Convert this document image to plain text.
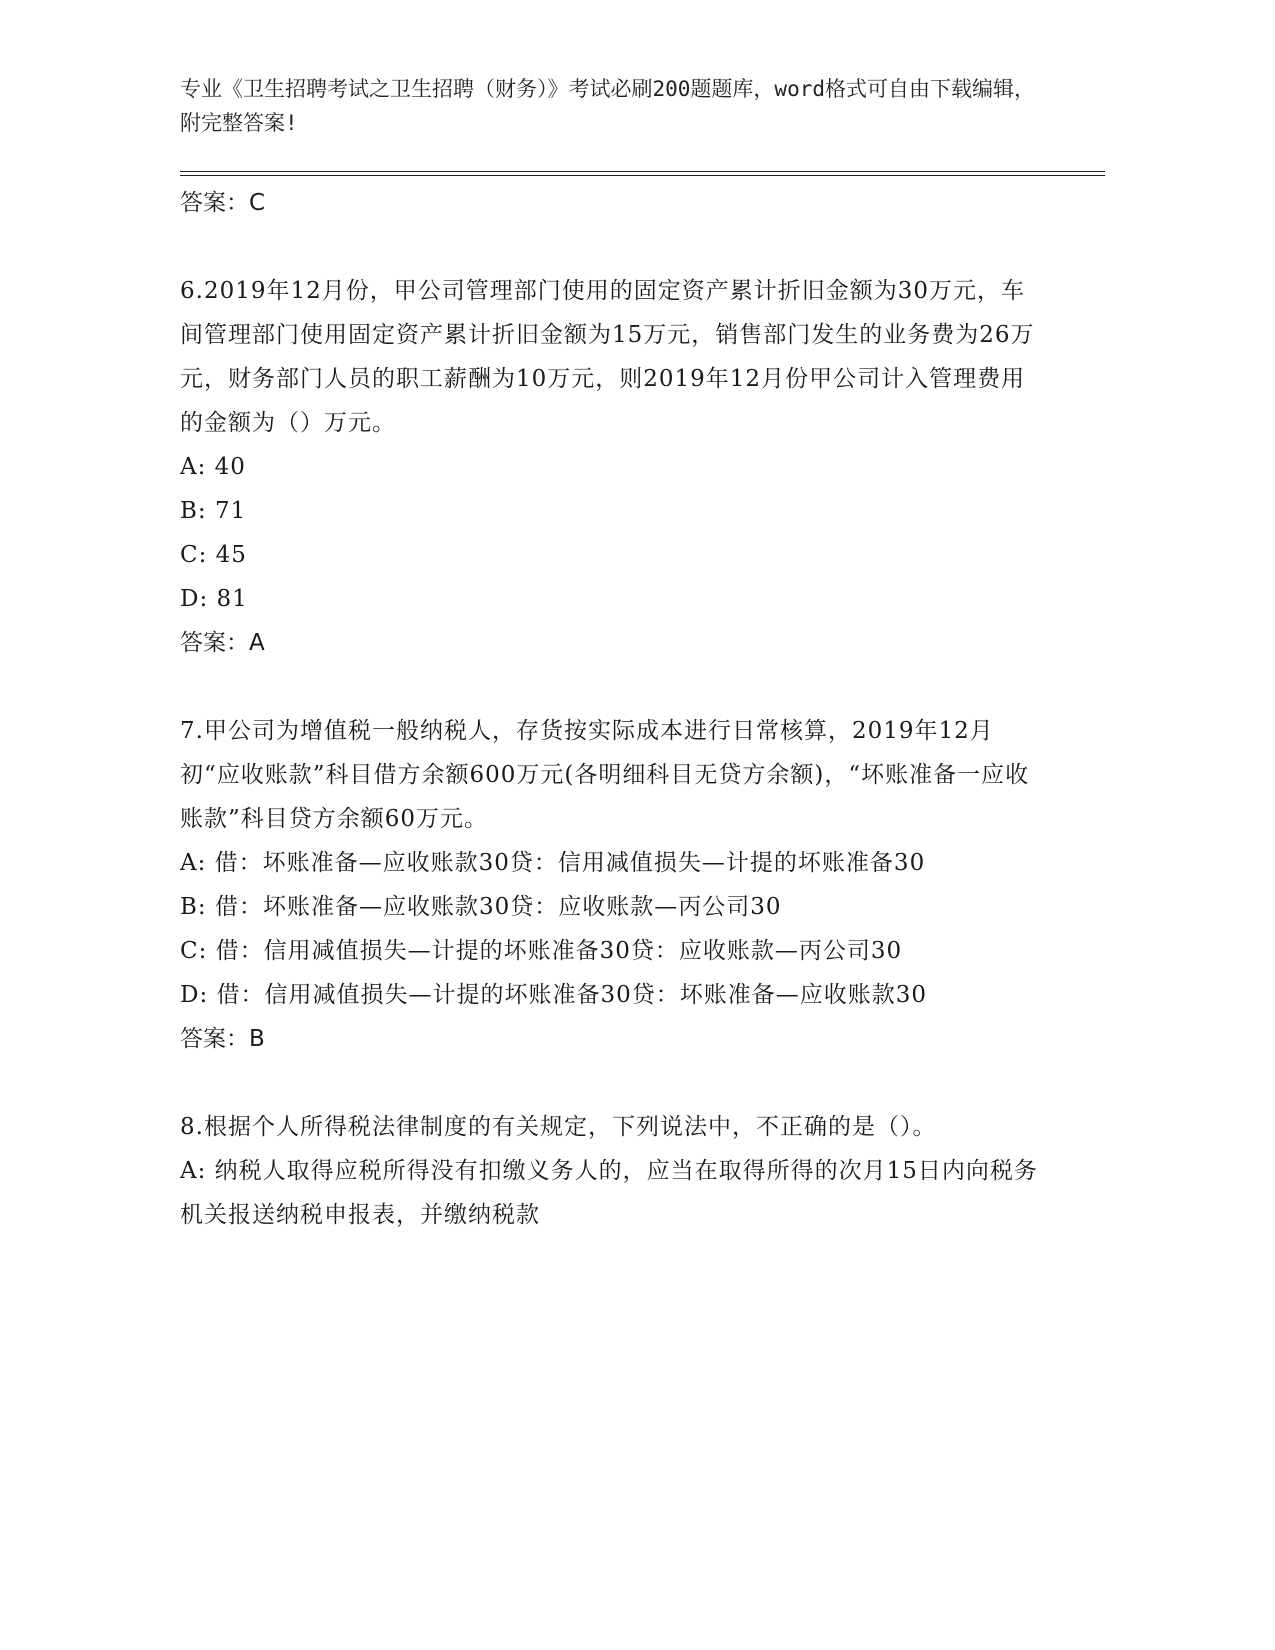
专业《卫生招聘考试之卫生招聘（财务）》考试必刷200题题库，word格式可自由下载编辑，附完整答案!

答案：C

6.2019年12月份，甲公司管理部门使用的固定资产累计折旧金额为30万元，车间管理部门使用固定资产累计折旧金额为15万元，销售部门发生的业务费为26万元，财务部门人员的职工薪酬为10万元，则2019年12月份甲公司计入管理费用的金额为（）万元。

A: 40

B: 71

C: 45

D: 81

答案：A

7.甲公司为增值税一般纳税人，存货按实际成本进行日常核算，2019年12月初“应收账款”科目借方余额600万元(各明细科目无贷方余额)，“坏账准备一应收账款”科目贷方余额60万元。

A: 借：坏账准备—应收账款30贷：信用减值损失—计提的坏账准备30

B: 借：坏账准备—应收账款30贷：应收账款—丙公司30

C: 借：信用减值损失—计提的坏账准备30贷：应收账款—丙公司30

D: 借：信用减值损失—计提的坏账准备30贷：坏账准备—应收账款30

答案：B

8.根据个人所得税法律制度的有关规定，下列说法中，不正确的是（）。

A: 纳税人取得应税所得没有扣缴义务人的，应当在取得所得的次月15日内向税务机关报送纳税申报表，并缴纳税款
